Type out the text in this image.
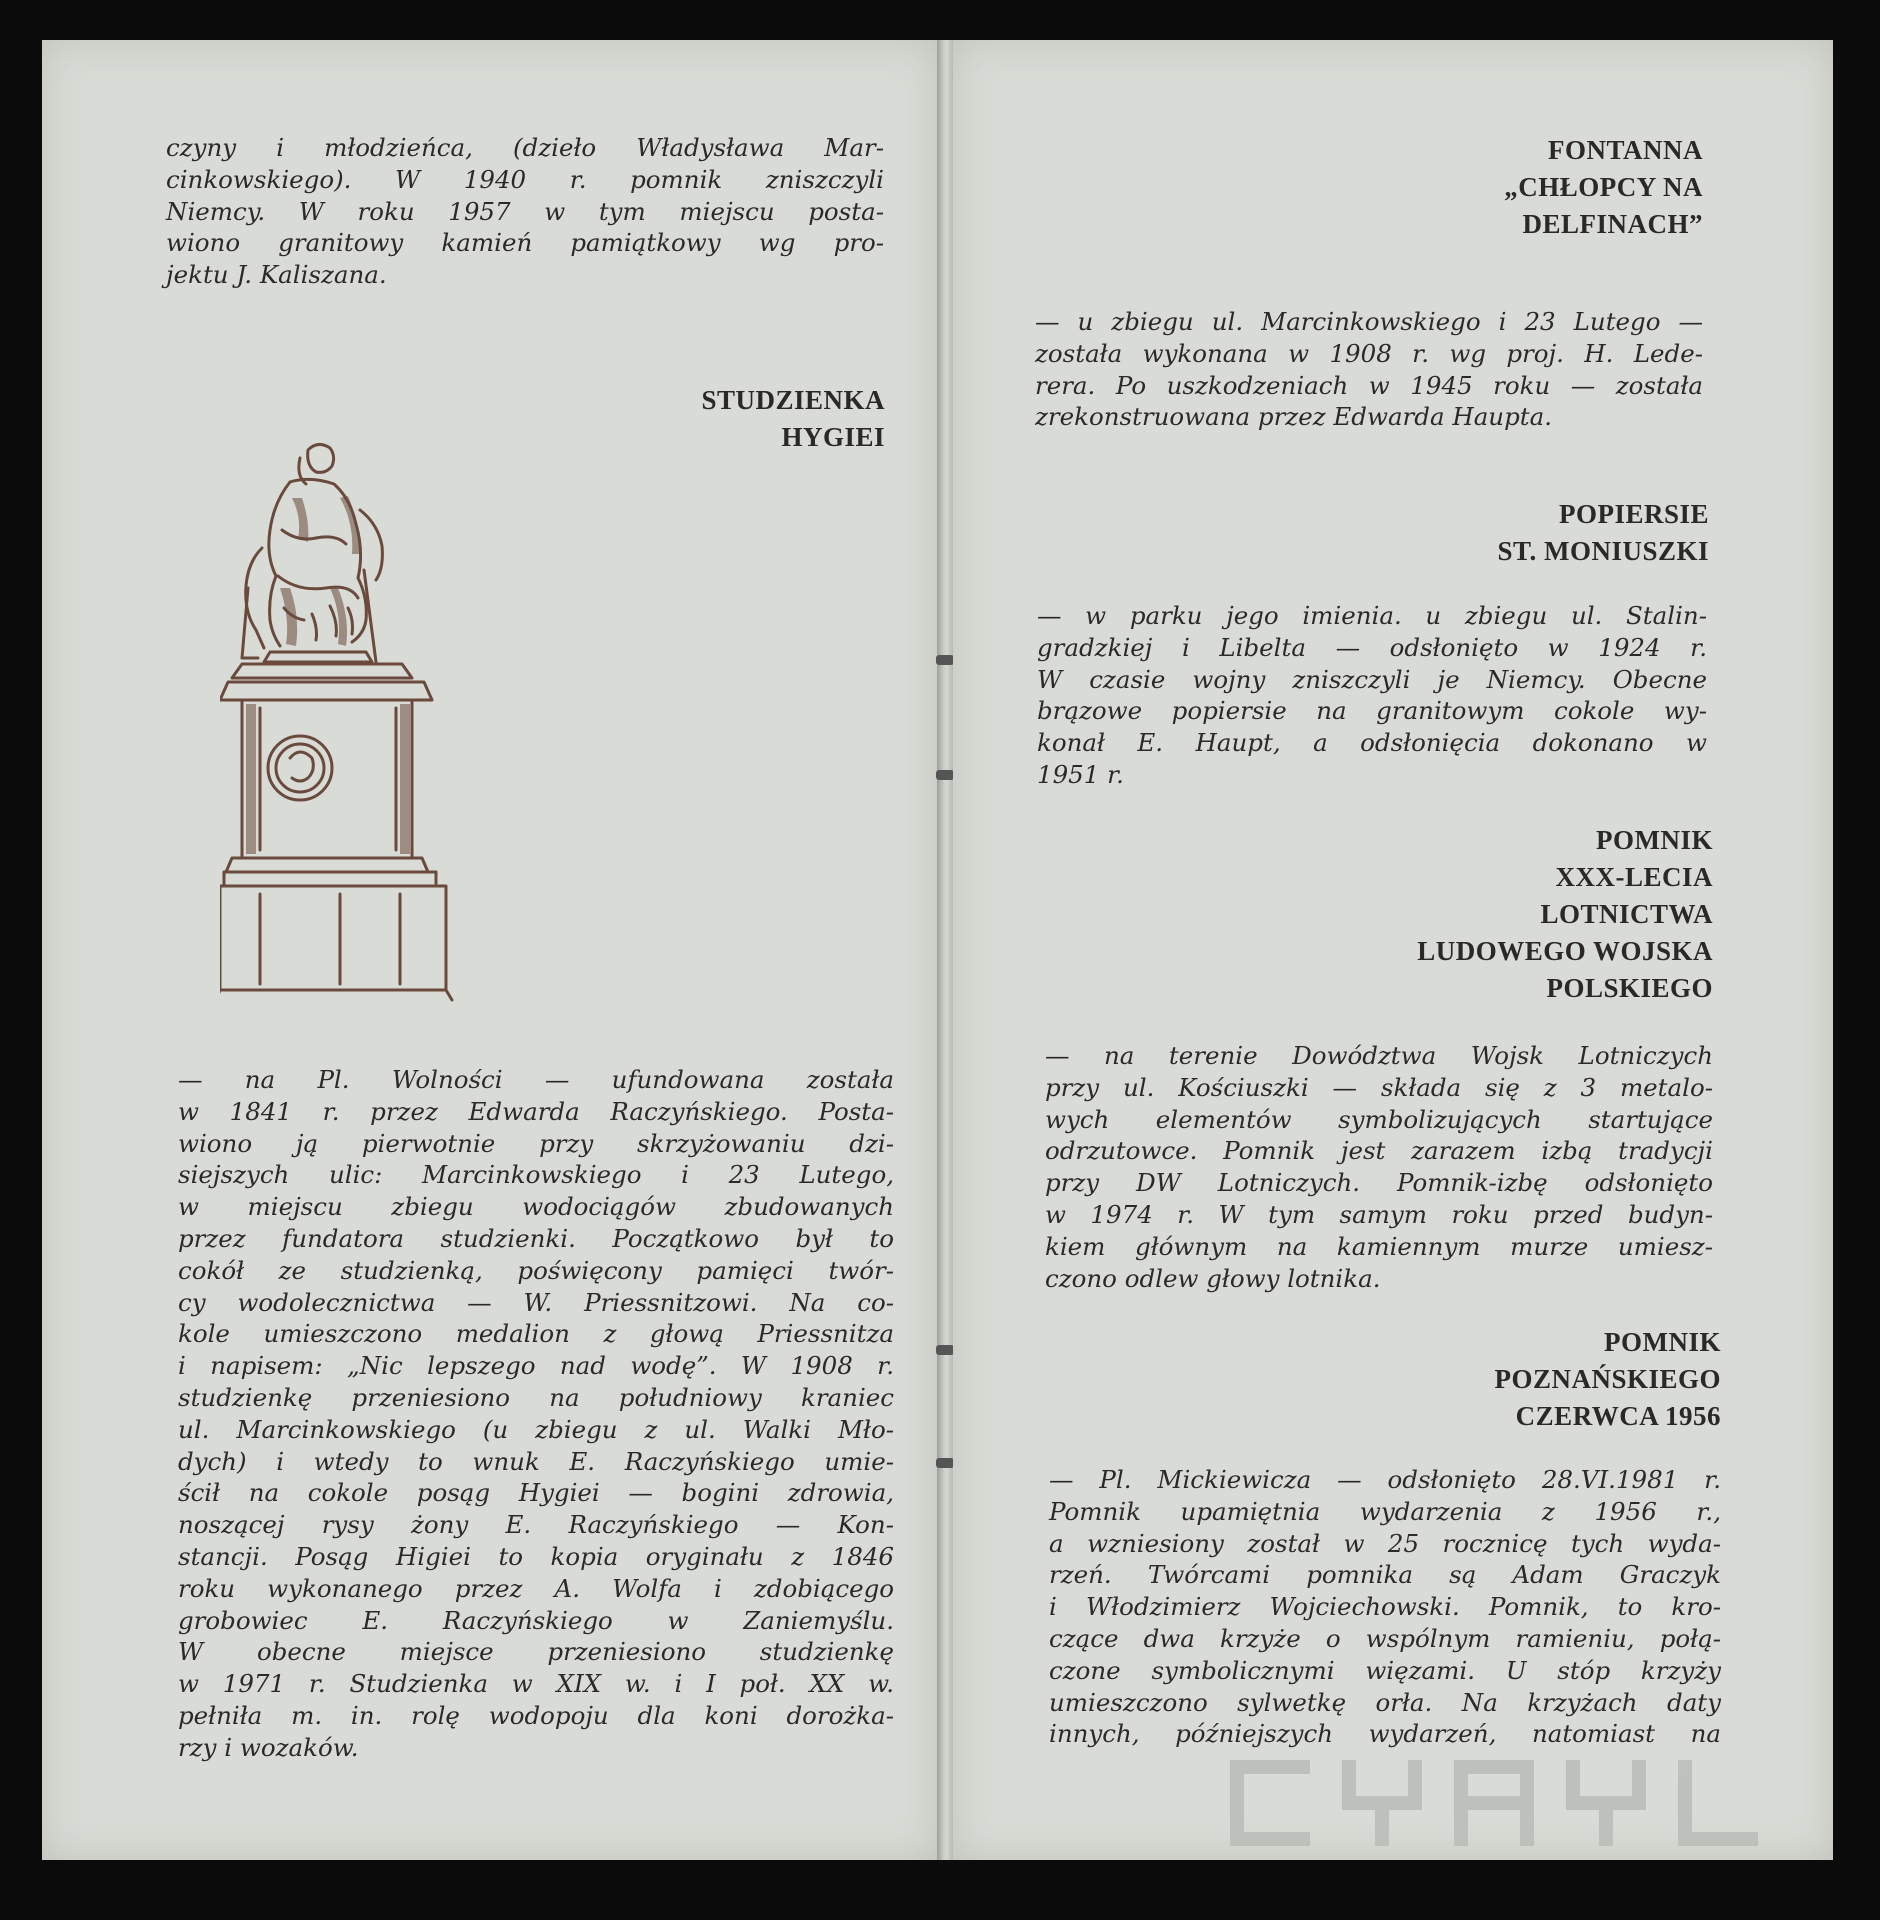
czyny i młodzieńca, (dzieło Władysława Mar-
cinkowskiego). W 1940 r. pomnik zniszczyli
Niemcy. W roku 1957 w tym miejscu posta-
wiono granitowy kamień pamiątkowy wg pro-
jektu J. Kaliszana.
STUDZIENKA
HYGIEI
— na Pl. Wolności — ufundowana została
w 1841 r. przez Edwarda Raczyńskiego. Posta-
wiono ją pierwotnie przy skrzyżowaniu dzi-
siejszych ulic: Marcinkowskiego i 23 Lutego,
w miejscu zbiegu wodociągów zbudowanych
przez fundatora studzienki. Początkowo był to
cokół ze studzienką, poświęcony pamięci twór-
cy wodolecznictwa — W. Priessnitzowi. Na co-
kole umieszczono medalion z głową Priessnitza
i napisem: „Nic lepszego nad wodę”. W 1908 r.
studzienkę przeniesiono na południowy kraniec
ul. Marcinkowskiego (u zbiegu z ul. Walki Mło-
dych) i wtedy to wnuk E. Raczyńskiego umie-
ścił na cokole posąg Hygiei — bogini zdrowia,
noszącej rysy żony E. Raczyńskiego — Kon-
stancji. Posąg Higiei to kopia oryginału z 1846
roku wykonanego przez A. Wolfa i zdobiącego
grobowiec E. Raczyńskiego w Zaniemyślu.
W obecne miejsce przeniesiono studzienkę
w 1971 r. Studzienka w XIX w. i I poł. XX w.
pełniła m. in. rolę wodopoju dla koni dorożka-
rzy i wozaków.
FONTANNA
„CHŁOPCY NA
DELFINACH”
— u zbiegu ul. Marcinkowskiego i 23 Lutego —
została wykonana w 1908 r. wg proj. H. Lede-
rera. Po uszkodzeniach w 1945 roku — została
zrekonstruowana przez Edwarda Haupta.
POPIERSIE
ST. MONIUSZKI
— w parku jego imienia. u zbiegu ul. Stalin-
gradzkiej i Libelta — odsłonięto w 1924 r.
W czasie wojny zniszczyli je Niemcy. Obecne
brązowe popiersie na granitowym cokole wy-
konał E. Haupt, a odsłonięcia dokonano w
1951 r.
POMNIK
XXX-LECIA
LOTNICTWA
LUDOWEGO WOJSKA
POLSKIEGO
— na terenie Dowództwa Wojsk Lotniczych
przy ul. Kościuszki — składa się z 3 metalo-
wych elementów symbolizujących startujące
odrzutowce. Pomnik jest zarazem izbą tradycji
przy DW Lotniczych. Pomnik-izbę odsłonięto
w 1974 r. W tym samym roku przed budyn-
kiem głównym na kamiennym murze umiesz-
czono odlew głowy lotnika.
POMNIK
POZNAŃSKIEGO
CZERWCA 1956
— Pl. Mickiewicza — odsłonięto 28.VI.1981 r.
Pomnik upamiętnia wydarzenia z 1956 r.,
a wzniesiony został w 25 rocznicę tych wyda-
rzeń. Twórcami pomnika są Adam Graczyk
i Włodzimierz Wojciechowski. Pomnik, to kro-
czące dwa krzyże o wspólnym ramieniu, połą-
czone symbolicznymi więzami. U stóp krzyży
umieszczono sylwetkę orła. Na krzyżach daty
innych, późniejszych wydarzeń, natomiast na
